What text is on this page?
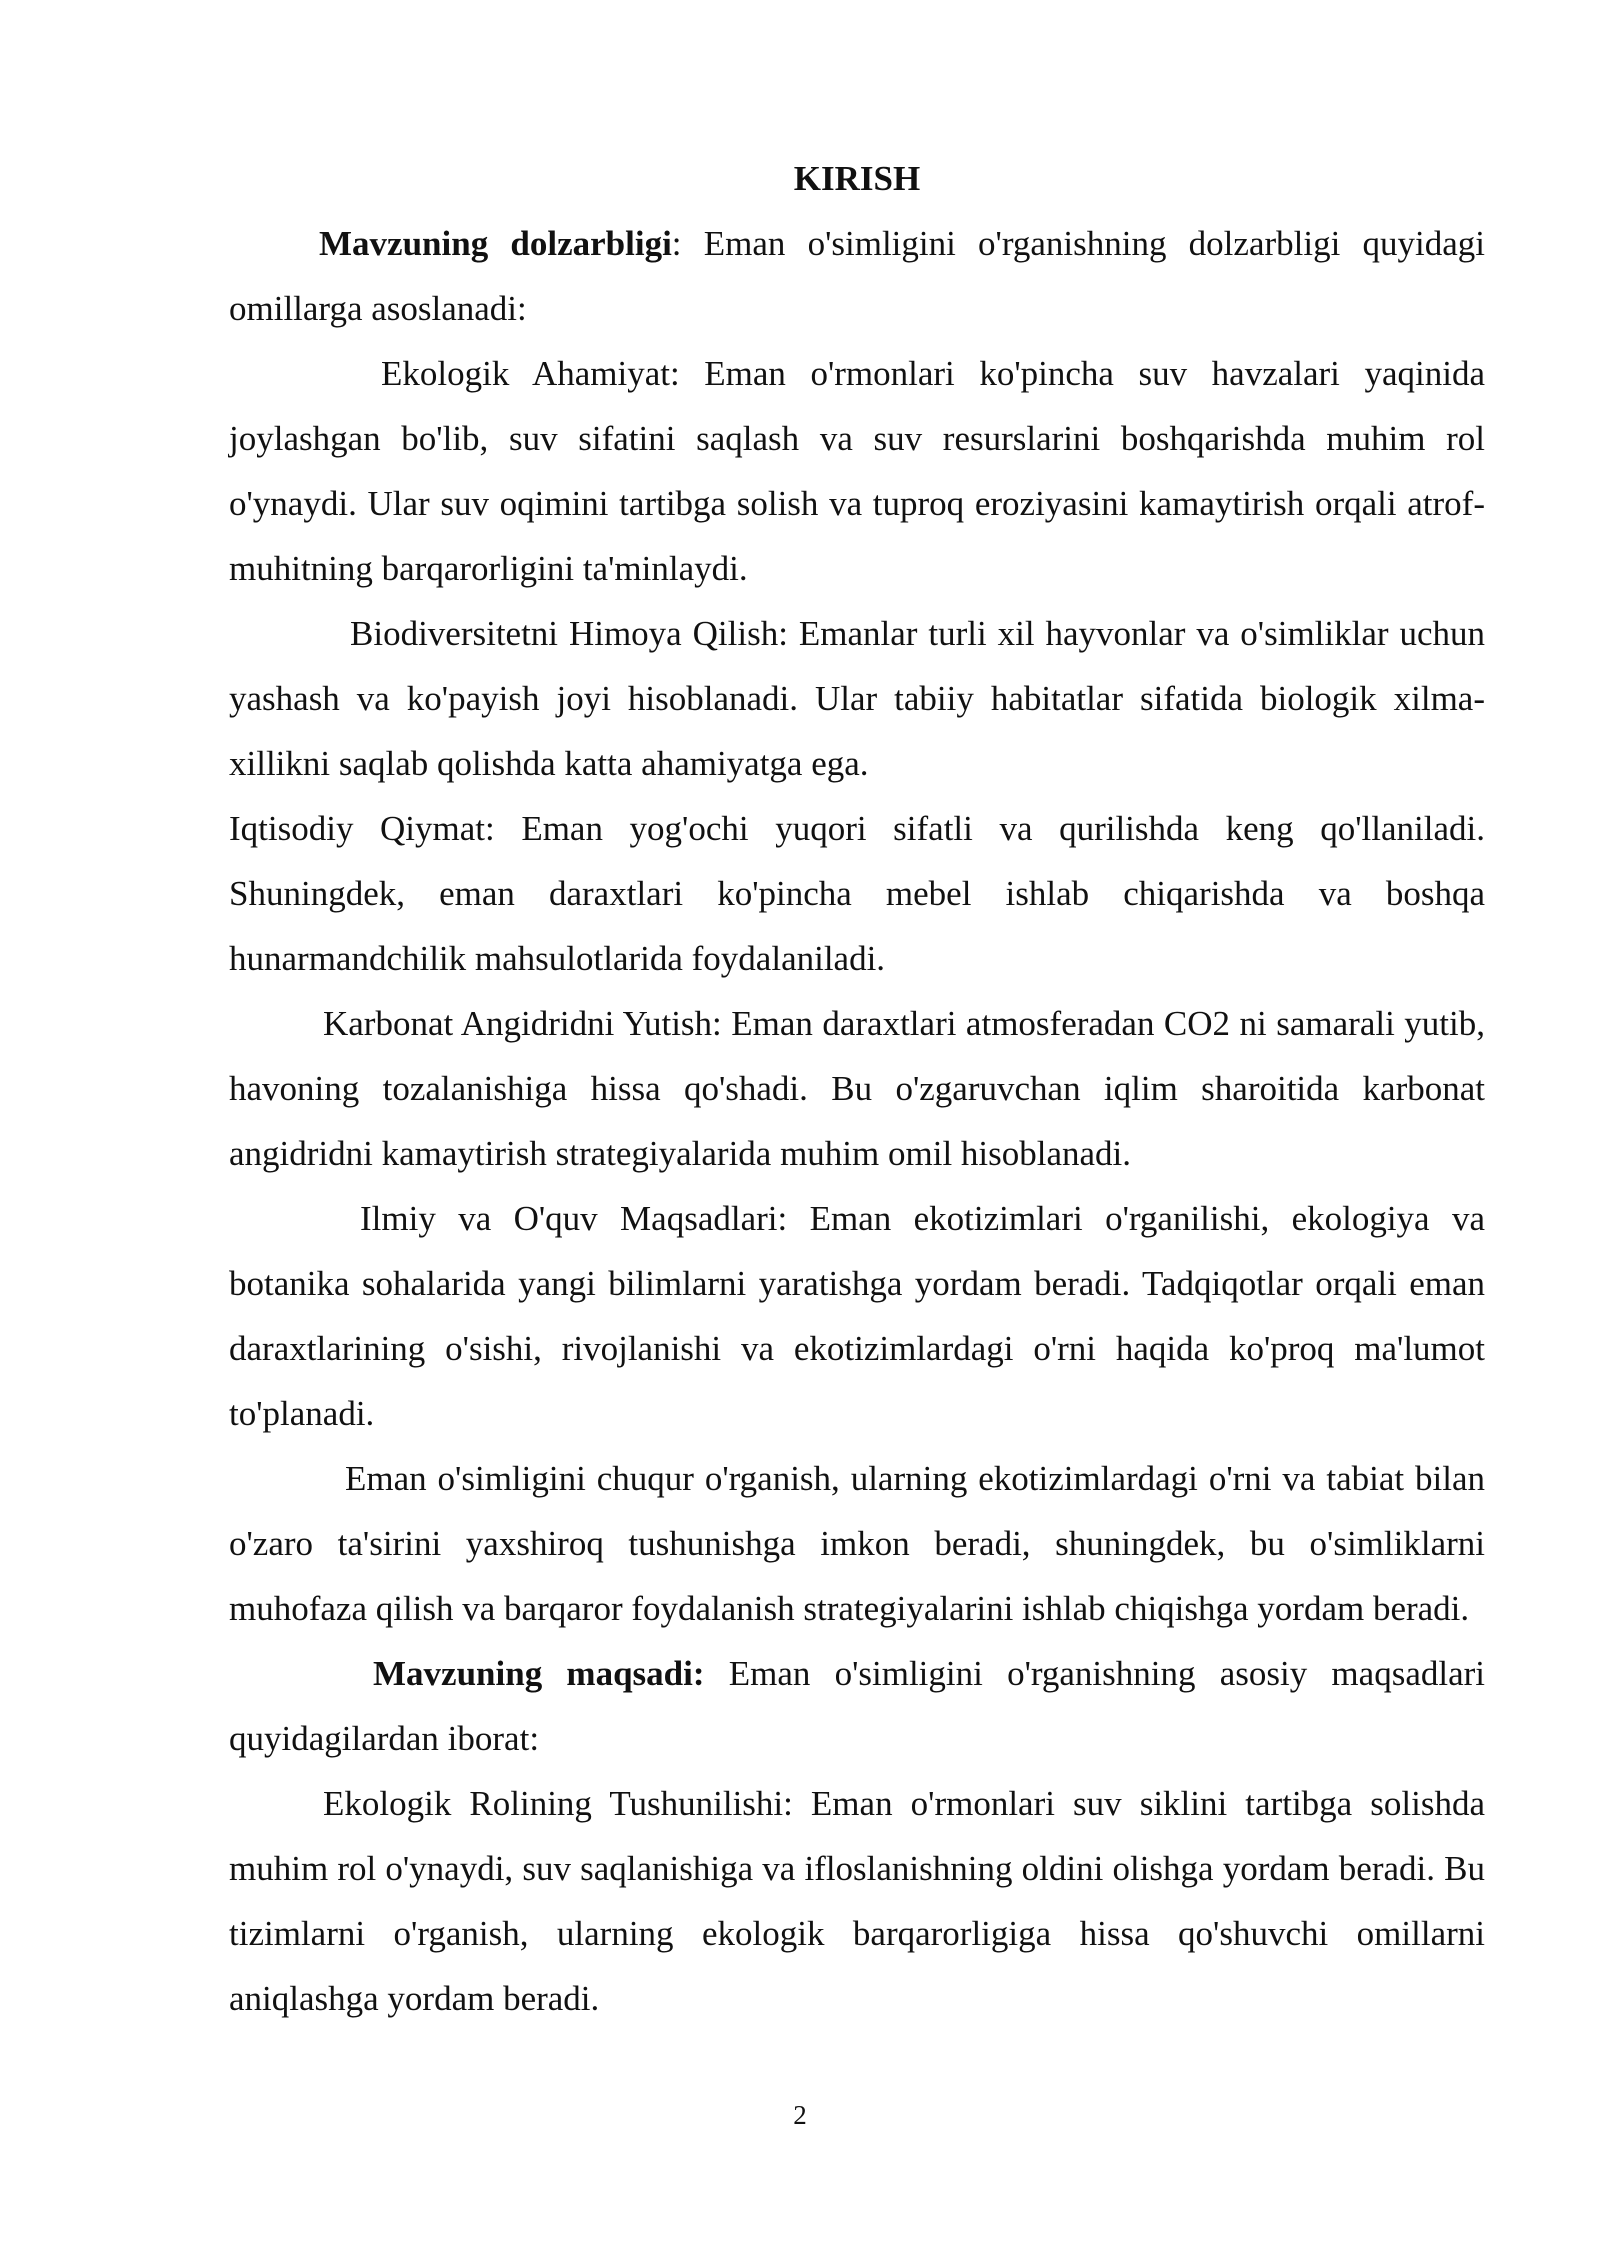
KIRISH

Mavzuning dolzarbligi: Eman o'simligini o'rganishning dolzarbligi quyidagi omillarga asoslanadi:

Ekologik Ahamiyat: Eman o'rmonlari ko'pincha suv havzalari yaqinida joylashgan bo'lib, suv sifatini saqlash va suv resurslarini boshqarishda muhim rol o'ynaydi. Ular suv oqimini tartibga solish va tuproq eroziyasini kamaytirish orqali atrof-muhitning barqarorligini ta'minlaydi.

Biodiversitetni Himoya Qilish: Emanlar turli xil hayvonlar va o'simliklar uchun yashash va ko'payish joyi hisoblanadi. Ular tabiiy habitatlar sifatida biologik xilma-xillikni saqlab qolishda katta ahamiyatga ega.

Iqtisodiy Qiymat: Eman yog'ochi yuqori sifatli va qurilishda keng qo'llaniladi. Shuningdek, eman daraxtlari ko'pincha mebel ishlab chiqarishda va boshqa hunarmandchilik mahsulotlarida foydalaniladi.

Karbonat Angidridni Yutish: Eman daraxtlari atmosferadan CO2 ni samarali yutib, havoning tozalanishiga hissa qo'shadi. Bu o'zgaruvchan iqlim sharoitida karbonat angidridni kamaytirish strategiyalarida muhim omil hisoblanadi.

Ilmiy va O'quv Maqsadlari: Eman ekotizimlari o'rganilishi, ekologiya va botanika sohalarida yangi bilimlarni yaratishga yordam beradi. Tadqiqotlar orqali eman daraxtlarining o'sishi, rivojlanishi va ekotizimlardagi o'rni haqida ko'proq ma'lumot to'planadi.

Eman o'simligini chuqur o'rganish, ularning ekotizimlardagi o'rni va tabiat bilan o'zaro ta'sirini yaxshiroq tushunishga imkon beradi, shuningdek, bu o'simliklarni muhofaza qilish va barqaror foydalanish strategiyalarini ishlab chiqishga yordam beradi.

Mavzuning maqsadi: Eman o'simligini o'rganishning asosiy maqsadlari quyidagilardan iborat:

Ekologik Rolining Tushunilishi: Eman o'rmonlari suv siklini tartibga solishda muhim rol o'ynaydi, suv saqlanishiga va ifloslanishning oldini olishga yordam beradi. Bu tizimlarni o'rganish, ularning ekologik barqarorligiga hissa qo'shuvchi omillarni aniqlashga yordam beradi.

2
